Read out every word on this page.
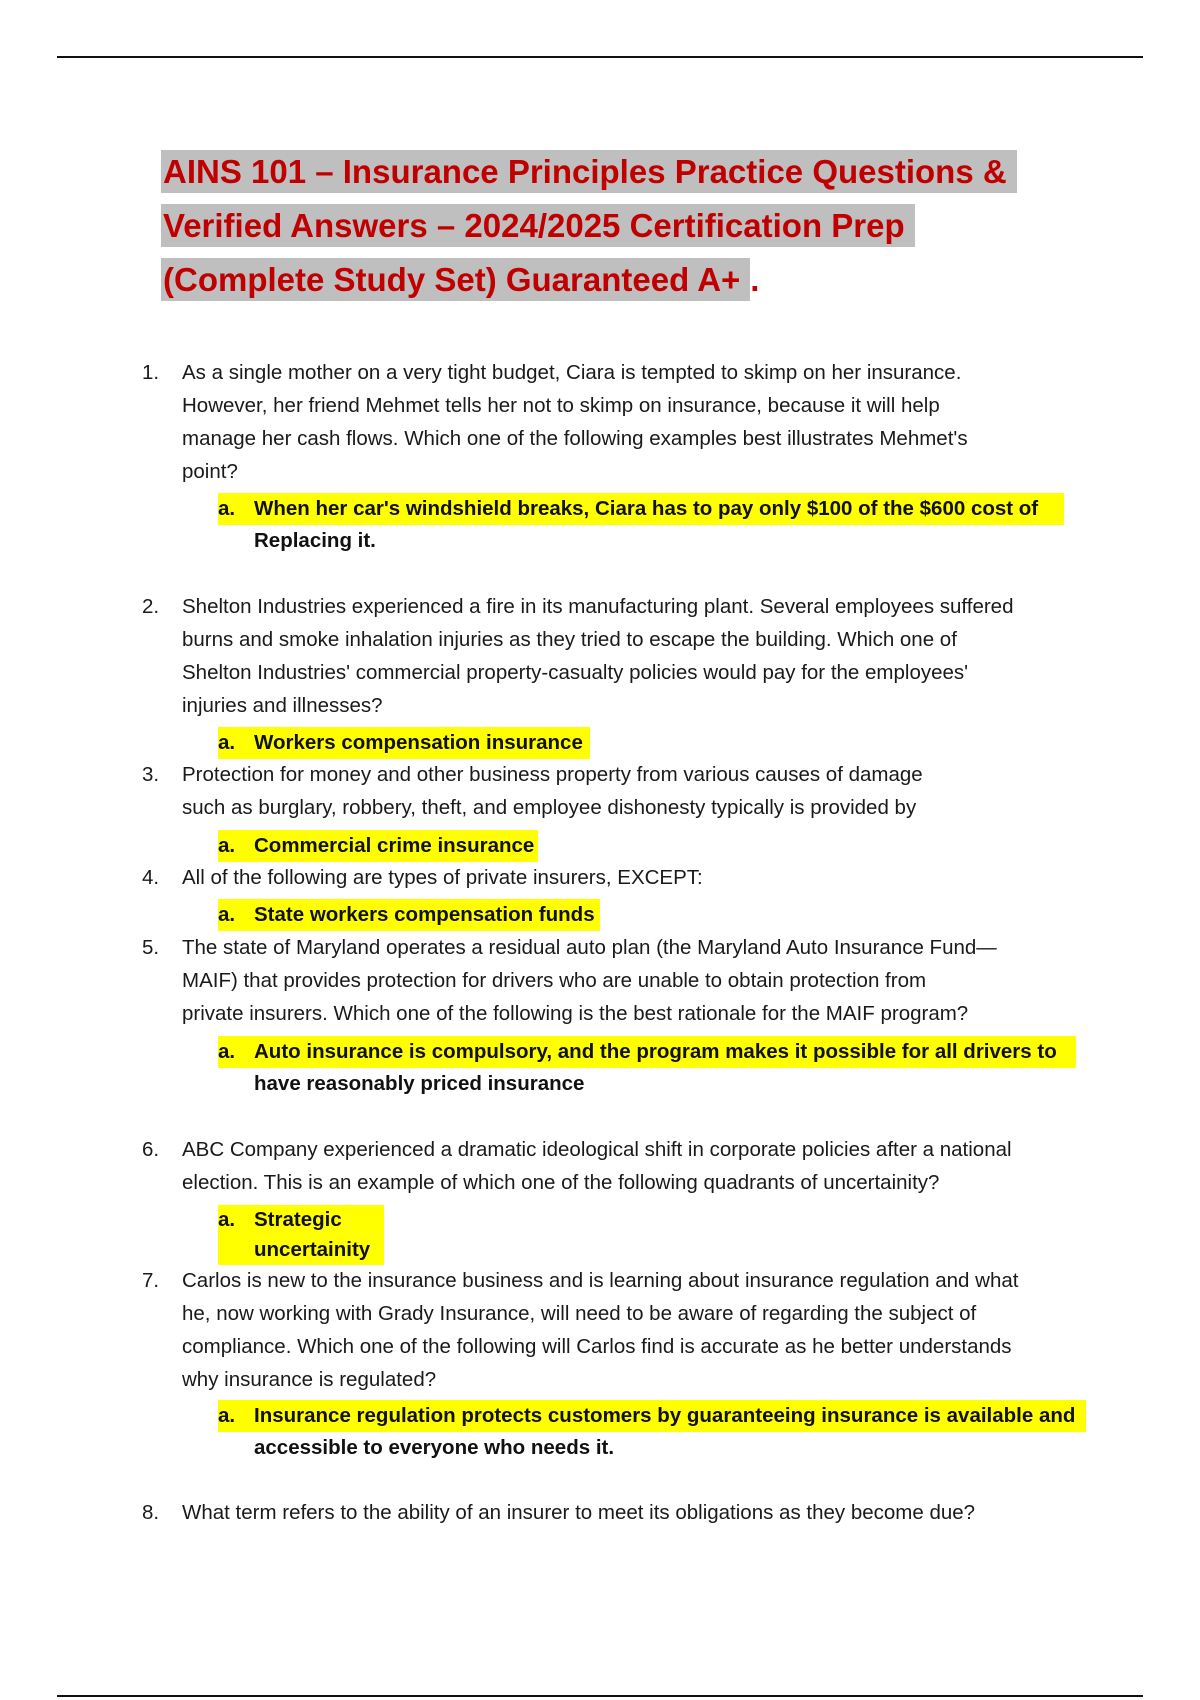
AINS 101 – Insurance Principles Practice Questions &
Verified Answers – 2024/2025 Certification Prep
(Complete Study Set) Guaranteed A+ .
1.	As a single mother on a very tight budget, Ciara is tempted to skimp on her insurance.
However, her friend Mehmet tells her not to skimp on insurance, because it will help
manage her cash flows. Which one of the following examples best illustrates Mehmet's
point?
a. When her car's windshield breaks, Ciara has to pay only $100 of the $600 cost of
Replacing it.
2.	Shelton Industries experienced a fire in its manufacturing plant. Several employees suffered
burns and smoke inhalation injuries as they tried to escape the building. Which one of
Shelton Industries' commercial property-casualty policies would pay for the employees'
injuries and illnesses?
a. Workers compensation insurance
3.	Protection for money and other business property from various causes of damage
such as burglary, robbery, theft, and employee dishonesty typically is provided by
a. Commercial crime insurance
4.	All of the following are types of private insurers, EXCEPT:
a. State workers compensation funds
5.	The state of Maryland operates a residual auto plan (the Maryland Auto Insurance Fund—
MAIF) that provides protection for drivers who are unable to obtain protection from
private insurers. Which one of the following is the best rationale for the MAIF program?
a. Auto insurance is compulsory, and the program makes it possible for all drivers to
have reasonably priced insurance
6.	ABC Company experienced a dramatic ideological shift in corporate policies after a national
election. This is an example of which one of the following quadrants of uncertainity?
a. Strategic
uncertainity
7.	Carlos is new to the insurance business and is learning about insurance regulation and what
he, now working with Grady Insurance, will need to be aware of regarding the subject of
compliance. Which one of the following will Carlos find is accurate as he better understands
why insurance is regulated?
a. Insurance regulation protects customers by guaranteeing insurance is available and
accessible to everyone who needs it.
8.	What term refers to the ability of an insurer to meet its obligations as they become due?
